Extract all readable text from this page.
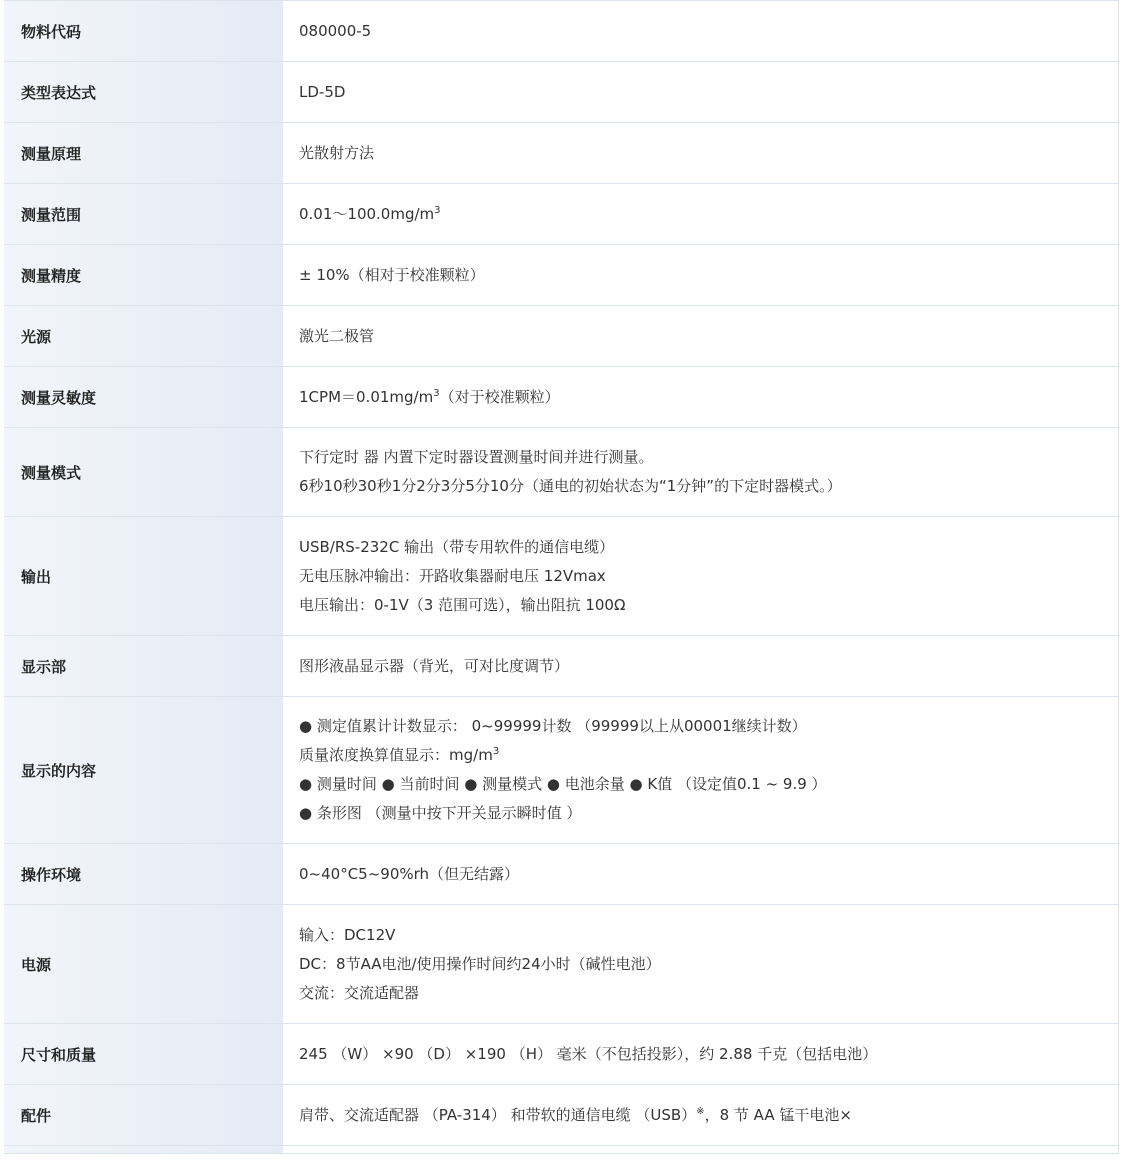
物料代码	080000-5

类型表达式	LD-5D

测量原理	光散射方法

测量范围	$0.01\sim 100.0mg/m^3$

测量精度	± 10%（相对于校准颗粒）

光源	激光二极管

测量灵敏度	$1CPM=0.01mg/m^3$（对于校准颗粒）

测量模式	下行定时 器 内置下定时器设置测量时间并进行测量。
6秒10秒30秒1分2分3分5分10分（通电的初始状态为“1分钟”的下定时器模式。）

输出	USB/RS-232C 输出（带专用软件的通信电缆）
无电压脉冲输出：开路收集器耐电压 12Vmax
电压输出：0-1V（3 范围可选），输出阻抗 100Ω

显示部	图形液晶显示器（背光，可对比度调节）

显示的内容	● 测定值累计计数显示： 0~99999计数 （99999以上从00001继续计数）
质量浓度换算值显示：$mg/m^3$
● 测量时间 ● 当前时间 ● 测量模式 ● 电池余量 ● K值 （设定值0.1 ~ 9.9 ）
● 条形图 （测量中按下开关显示瞬时值 ）

操作环境	0~40°C5~90%rh（但无结露）

电源	输入：DC12V
DC：8节AA电池/使用操作时间约24小时（碱性电池）
交流：交流适配器

尺寸和质量	245 （W） ×90 （D） ×190 （H） 毫米（不包括投影），约 2.88 千克（包括电池）

配件	肩带、交流适配器 （PA-314） 和带软的通信电缆 （USB）※，8 节 AA 锰干电池×
